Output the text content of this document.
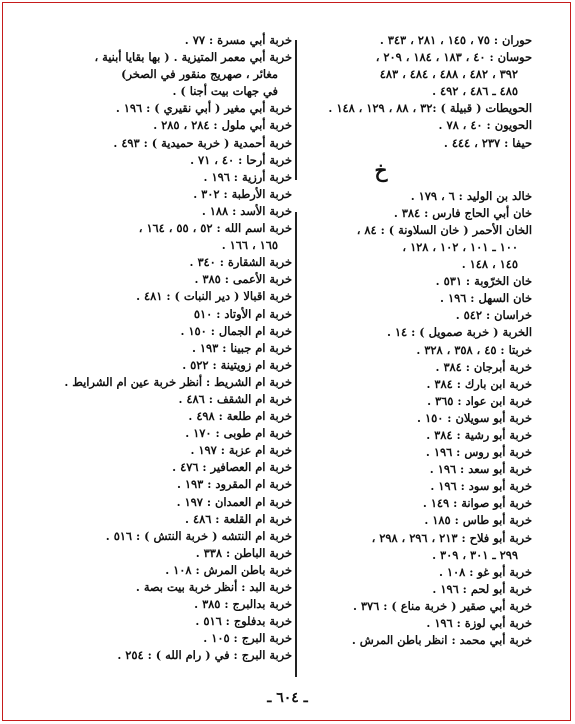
حوران : ٧٥ ، ١٤٥ ، ٢٨١ ، ٣٤٣ .
حوسان : ٤٠ ، ١٨٣ ، ١٨٤ ، ٢٠٩ ،
٣٩٢ ، ٤٨٢ ، ٤٨٨ ، ٤٨٤ ، ٤٨٣
٤٨٥ ـ ٤٨٦ ، ٤٩٢ .
الحويطات ( قبيلة ) :٣٢ ، ٨٨ ، ١٢٩ ، ١٤٨ .
الحويون : ٤٠ ، ٧٨ .
حيفا : ٢٣٧ ، ٤٤٤ .
خ
خالد بن الوليد : ٦ ، ١٧٩ .
خان أبي الحاج فارس : ٣٨٤ .
الخان الأحمر ( خان السلاونة ) : ٨٤ ،
١٠٠ ـ ١٠١ ، ١٠٢ ، ١٢٨ ،
١٤٥ ، ١٤٨ .
خان الخرّوبة : ٥٣١ .
خان السهل : ١٩٦ .
خراسان : ٥٤٢ .
الخربة ( خربة صمويل ) : ١٤ .
خربتا : ٤٥ ، ٣٥٨ ، ٣٢٨ .
خربة أبرجان : ٣٨٤ .
خربة ابن بارك : ٣٨٤ .
خربة ابن عواد : ٣٦٥ .
خربة أبو سويلان : ١٥٠ .
خربة أبو رشية : ٣٨٤ .
خربة أبو روس : ١٩٦ .
خربة أبو سعد : ١٩٦ .
خربة أبو سود : ١٩٦ .
خربة أبو صوانة : ١٤٩ .
خربة أبو طاس : ١٨٥ .
خربة أبو فلاح : ٢١٣ ، ٢٩٦ ، ٢٩٨ ،
٢٩٩ ـ ٣٠١ ، ٣٠٩ .
خربة أبو غو : ١٠٨ .
خربة أبو لحم : ١٩٦ .
خربة أبي صقير ( خربة مناع ) : ٣٧٦ .
خربة أبي لوزة : ١٩٦ .
خربة أبي محمد : انظر باطن المرش .
خربة أبي مسرة : ٧٧ .
خربة أبي معمر المتيزية . ( بها بقايا أبنية ،
مغائر ، صهريج منقور في الصخر)
في جهات بيت أجنا ) .
خربة أبي مغير ( أبي نقيري ) : ١٩٦ .
خربة أبي ملول : ٢٨٤ ، ٢٨٥ .
خربة أحمدية ( خربة حميدية ) : ٤٩٣ .
خربة أرحا : ٤٠ ، ٧١ .
خربة أرزية : ١٩٦ .
خربة الأرطبة : ٣٠٢ .
خربة الأسد : ١٨٨ .
خربة اسم الله : ٥٢ ، ٥٥ ، ١٦٤ ،
١٦٥ ، ١٦٦ .
خربة الشقارة : ٣٤٠ .
خربة الأعمى : ٣٨٥ .
خربة اقبالا ( دير النبات ) : ٤٨١ .
خربة ام الأوتاد : ٥١٠
خربة ام الجمال : ١٥٠ .
خربة ام جبينا : ١٩٣ .
خربة ام زويتينة : ٥٢٢ .
خربة ام الشريط : أنظر خربة عين ام الشرايط .
خربة ام الشقف : ٤٨٦ .
خربة ام طلعة : ٤٩٨ .
خربة ام طوبى : ١٧٠ .
خربة ام عزبة : ١٩٧ .
خربة ام العصافير : ٤٧٦ .
خربة ام المقرود : ١٩٣ .
خربة ام العمدان : ١٩٧ .
خربة ام القلعة : ٤٨٦ .
خربة ام النتشه ( خربة النتش ) : ٥١٦ .
خربة الباطن : ٣٣٨ .
خربة باطن المرش : ١٠٨ .
خربة البد : أنظر خربة بيت بصة .
خربة بدالبرج : ٣٨٥ .
خربة بدفلوج : ٥١٦ .
خربة البرج : ١٠٥ .
خربة البرج : في ( رام الله ) : ٢٥٤ .
ـ ٦٠٤ ـ
